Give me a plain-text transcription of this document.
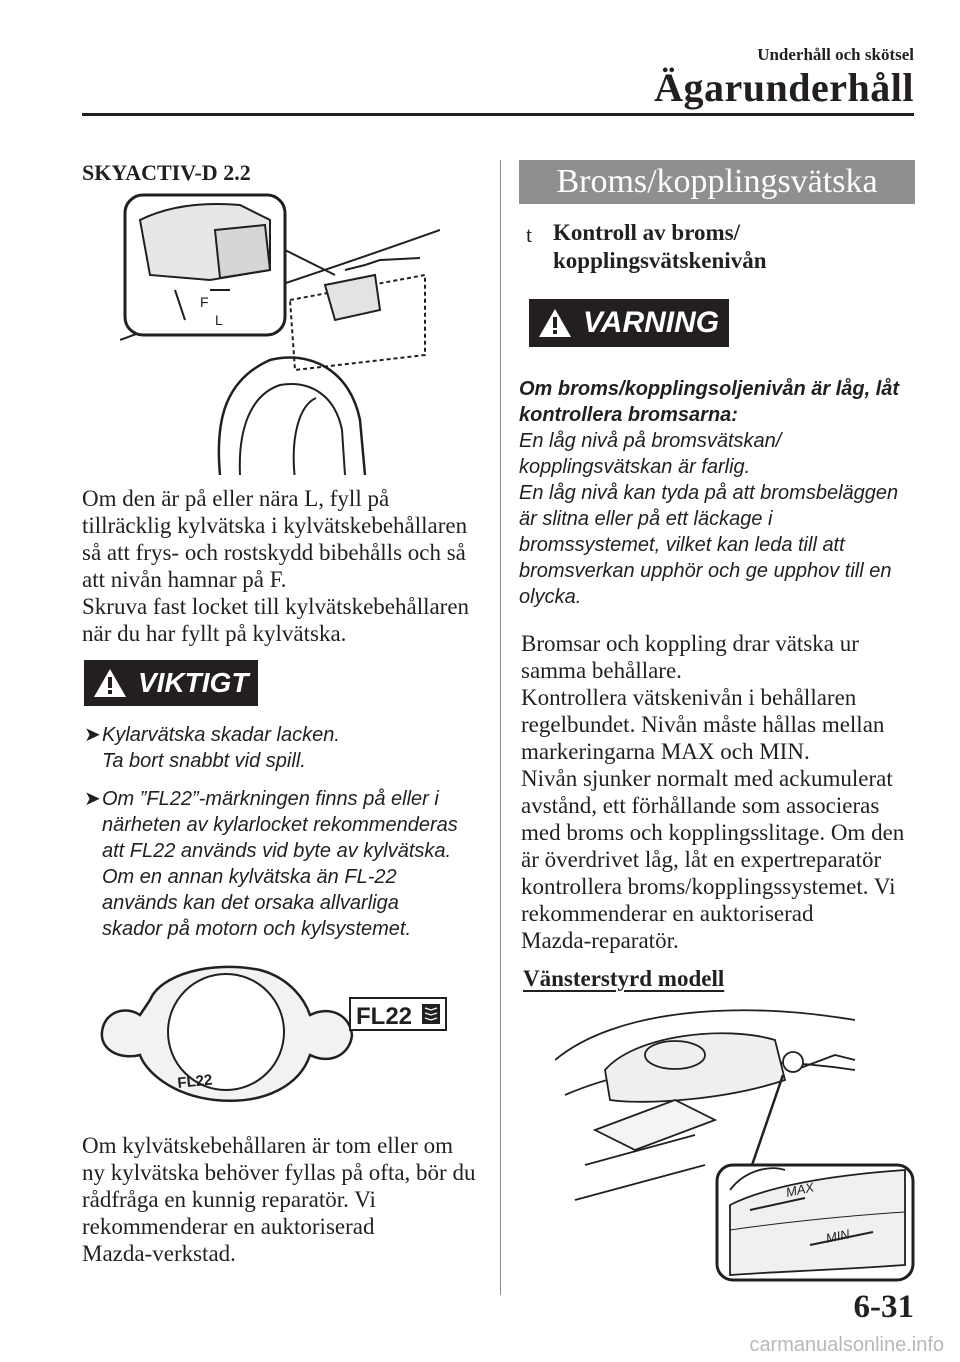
Underhåll och skötsel
Ägarunderhåll
SKYACTIV-D 2.2
F
L

Om den är på eller nära L, fyll på

tillräcklig kylvätska i kylvätskebehållaren

så att frys- och rostskydd bibehålls och så

att nivån hamnar på F.

Skruva fast locket till kylvätskebehållaren

när du har fyllt på kylvätska.

VIKTIGT
➤ Kylarvätska skadar lacken.
Ta bort snabbt vid spill.
➤ Om ”FL22”-märkningen finns på eller i
närheten av kylarlocket rekommenderas
att FL22 används vid byte av kylvätska.
Om en annan kylvätska än FL-22
används kan det orsaka allvarliga
skador på motorn och kylsystemet.
FL22
FL22

Om kylvätskebehållaren är tom eller om

ny kylvätska behöver fyllas på ofta, bör du

rådfråga en kunnig reparatör. Vi

rekommenderar en auktoriserad

Mazda-verkstad.

Broms/kopplingsvätska
t Kontroll av broms/
kopplingsvätskenivån
VARNING
Om broms/kopplingsoljenivån är låg, låt
kontrollera bromsarna:
En låg nivå på bromsvätskan/
kopplingsvätskan är farlig.
En låg nivå kan tyda på att bromsbeläggen
är slitna eller på ett läckage i
bromssystemet, vilket kan leda till att
bromsverkan upphör och ge upphov till en
olycka.

Bromsar och koppling drar vätska ur

samma behållare.

Kontrollera vätskenivån i behållaren

regelbundet. Nivån måste hållas mellan

markeringarna MAX och MIN.

Nivån sjunker normalt med ackumulerat

avstånd, ett förhållande som associeras

med broms och kopplingsslitage. Om den

är överdrivet låg, låt en expertreparatör

kontrollera broms/kopplingssystemet. Vi

rekommenderar en auktoriserad

Mazda-reparatör.

Vänsterstyrd modell
MAX
MIN
6-31
carmanualsonline.info
